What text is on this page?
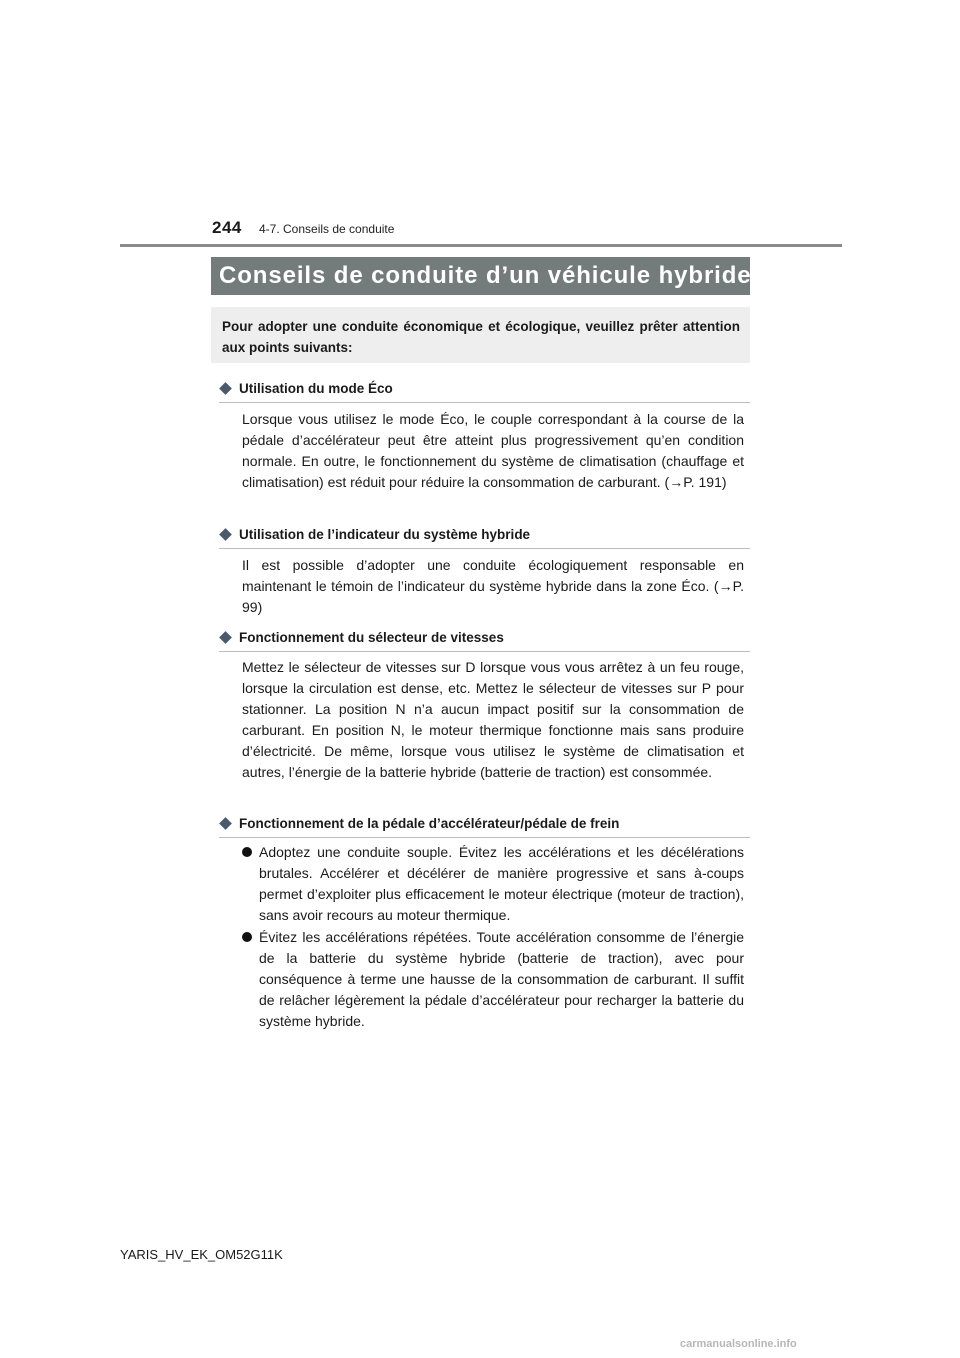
244 4-7. Conseils de conduite
Conseils de conduite d’un véhicule hybride
Pour adopter une conduite économique et écologique, veuillez prêter attention aux points suivants:
Utilisation du mode Éco
Lorsque vous utilisez le mode Éco, le couple correspondant à la course de la pédale d’accélérateur peut être atteint plus progressivement qu’en condition normale. En outre, le fonctionnement du système de climatisation (chauffage et climatisation) est réduit pour réduire la consommation de carburant. (→P. 191)
Utilisation de l’indicateur du système hybride
Il est possible d’adopter une conduite écologiquement responsable en maintenant le témoin de l’indicateur du système hybride dans la zone Éco. (→P. 99)
Fonctionnement du sélecteur de vitesses
Mettez le sélecteur de vitesses sur D lorsque vous vous arrêtez à un feu rouge, lorsque la circulation est dense, etc. Mettez le sélecteur de vitesses sur P pour stationner. La position N n’a aucun impact positif sur la consommation de carburant. En position N, le moteur thermique fonctionne mais sans produire d’électricité. De même, lorsque vous utilisez le système de climatisation et autres, l’énergie de la batterie hybride (batterie de traction) est consommée.
Fonctionnement de la pédale d’accélérateur/pédale de frein
Adoptez une conduite souple. Évitez les accélérations et les décélérations brutales. Accélérer et décélérer de manière progressive et sans à-coups permet d’exploiter plus efficacement le moteur électrique (moteur de traction), sans avoir recours au moteur thermique.
Évitez les accélérations répétées. Toute accélération consomme de l’énergie de la batterie du système hybride (batterie de traction), avec pour conséquence à terme une hausse de la consommation de carburant. Il suffit de relâcher légèrement la pédale d’accélérateur pour recharger la batterie du système hybride.
YARIS_HV_EK_OM52G11K
carmanualsonline.info
